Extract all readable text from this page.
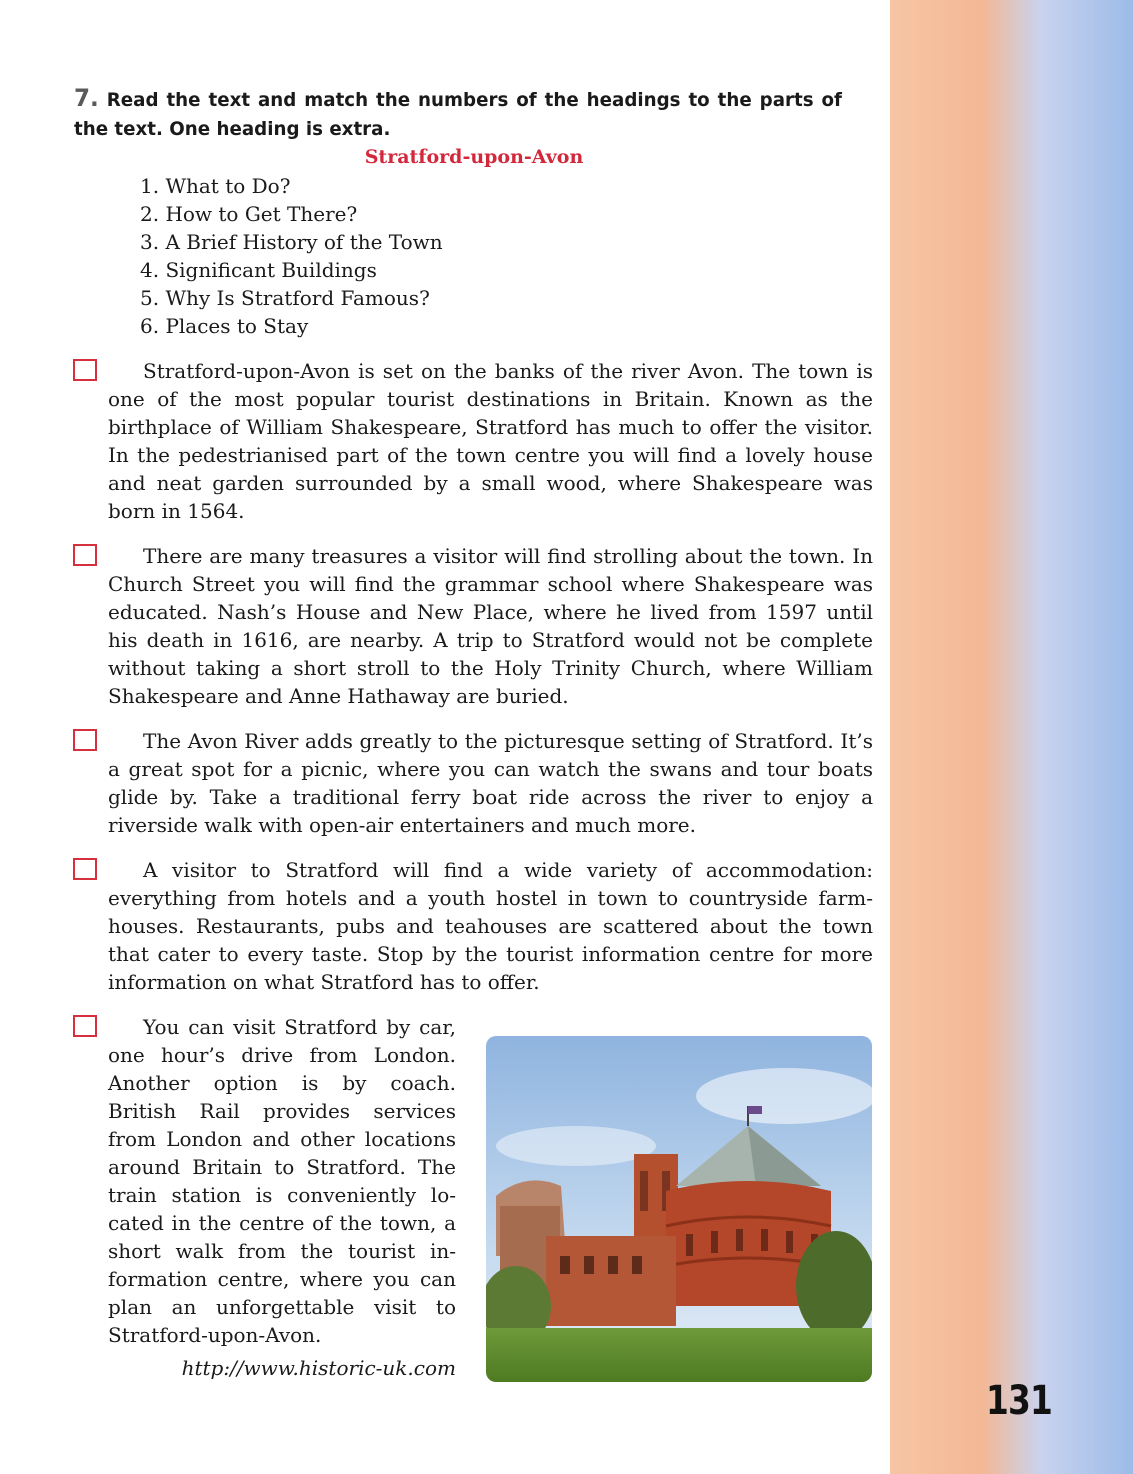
7. Read the text and match the numbers of the headings to the parts of the text. One heading is extra.
Stratford-upon-Avon
1. What to Do?
2. How to Get There?
3. A Brief History of the Town
4. Significant Buildings
5. Why Is Stratford Famous?
6. Places to Stay
Stratford-upon-Avon is set on the banks of the river Avon. The town is one of the most popular tourist destinations in Britain. Known as the birthplace of William Shakespeare, Stratford has much to offer the visitor. In the pedestrianised part of the town centre you will find a lovely house and neat garden surrounded by a small wood, where Shakespeare was born in 1564.
There are many treasures a visitor will find strolling about the town. In Church Street you will find the grammar school where Shakespeare was educated. Nash’s House and New Place, where he lived from 1597 until his death in 1616, are nearby. A trip to Stratford would not be complete without taking a short stroll to the Holy Trinity Church, where William Shakespeare and Anne Hathaway are buried.
The Avon River adds greatly to the picturesque setting of Stratford. It’s a great spot for a picnic, where you can watch the swans and tour boats glide by. Take a traditional ferry boat ride across the river to enjoy a riverside walk with open-air entertainers and much more.
A visitor to Stratford will find a wide variety of accommodation: everything from hotels and a youth hostel in town to countryside farm-houses. Restaurants, pubs and teahouses are scattered about the town that cater to every taste. Stop by the tourist information centre for more information on what Stratford has to offer.
You can visit Stratford by car, one hour’s drive from London. Another option is by coach. British Rail provides services from London and other locations around Britain to Stratford. The train station is conveniently lo-cated in the centre of the town, a short walk from the tourist in-formation centre, where you can plan an unforgettable visit to Stratford-upon-Avon.
http://www.historic-uk.com
131
